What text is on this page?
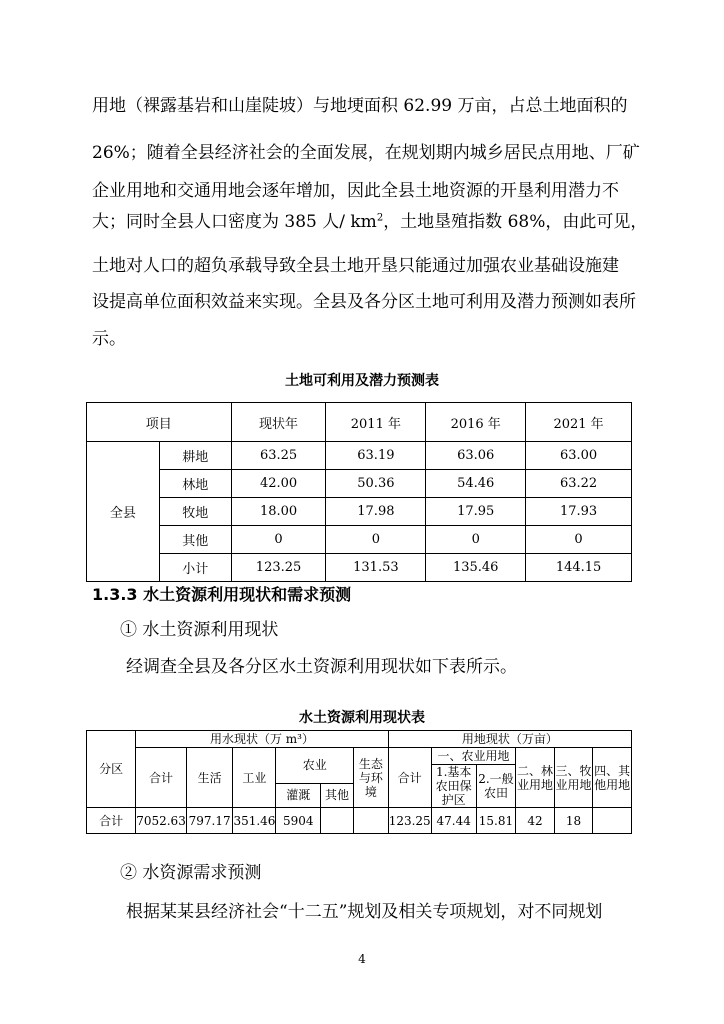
用地（裸露基岩和山崖陡坡）与地埂面积 62.99 万亩，占总土地面积的
26%；随着全县经济社会的全面发展，在规划期内城乡居民点用地、厂矿
企业用地和交通用地会逐年增加，因此全县土地资源的开垦利用潜力不
大；同时全县人口密度为 385 人/ $km^2$，土地垦殖指数 68%，由此可见，
土地对人口的超负承载导致全县土地开垦只能通过加强农业基础设施建
设提高单位面积效益来实现。全县及各分区土地可利用及潜力预测如表所
示。
土地可利用及潜力预测表
项目		现状年	2011 年	2016 年	2021 年
全县	耕地	63.25	63.19	63.06	63.00
	林地	42.00	50.36	54.46	63.22
	牧地	18.00	17.98	17.95	17.93
	其他	0	0	0	0
	小计	123.25	131.53	135.46	144.15
1.3.3 水土资源利用现状和需求预测
① 水土资源利用现状
经调查全县及各分区水土资源利用现状如下表所示。
水土资源利用现状表
分区	用水现状（万 m³）						用地现状（万亩）					
	合计	生活	工业	农业		生态与环境	合计	一、农业用地		二、林业用地	三、牧业用地	四、其他用地
								1.基本农田保护区	2.一般农田			
				灌溉	其他							
合计	7052.63	797.17	351.46	5904			123.25	47.44	15.81	42	18	
② 水资源需求预测
根据某某县经济社会“十二五”规划及相关专项规划，对不同规划
4
